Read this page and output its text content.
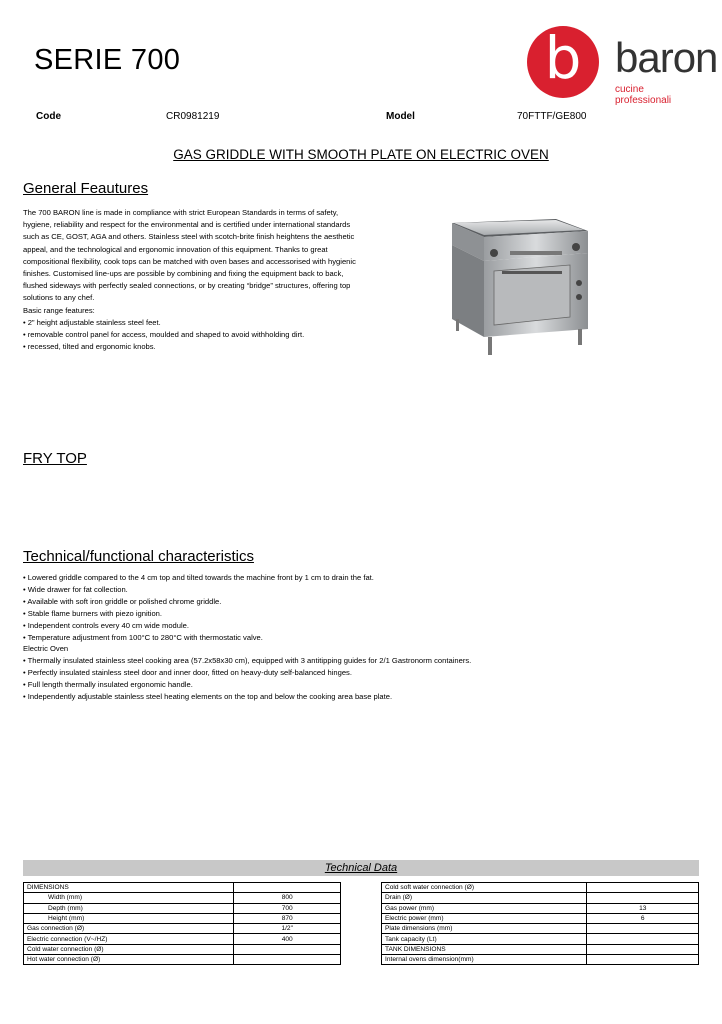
SERIE 700	b baron
cucine professionali
Code	CR0981219	Model	70FTTF/GE800
GAS GRIDDLE WITH SMOOTH PLATE ON ELECTRIC OVEN
General Feautures

The 700 BARON line is made in compliance with strict European Standards in terms of safety, hygiene, reliability and respect for the environmental and is certified under international standards such as CE, GOST, AGA and others. Stainless steel with scotch-brite finish heightens the aesthetic appeal, and the technological and ergonomic innovation of this equipment. Thanks to great compositional flexibility, cook tops can be matched with oven bases and accessorised with hygienic finishes. Customised line-ups are possible by combining and fixing the equipment back to back, flushed sideways with perfectly sealed connections, or by creating “bridge” structures, offering top solutions to any chef.

Basic range features:

• 2” height adjustable stainless steel feet.

• removable control panel for access, moulded and shaped to avoid withholding dirt.

• recessed, tilted and ergonomic knobs.

FRY TOP
Technical/functional characteristics

• Lowered griddle compared to the 4 cm top and tilted towards the machine front by 1 cm to drain the fat.

• Wide drawer for fat collection.

• Available with soft iron griddle or polished chrome griddle.

• Stable flame burners with piezo ignition.

• Independent controls every 40 cm wide module.

• Temperature adjustment from 100°C to 280°C with thermostatic valve.

Electric Oven

• Thermally insulated stainless steel cooking area (57.2x58x30 cm), equipped with 3 antitipping guides for 2/1 Gastronorm containers.

• Perfectly insulated stainless steel door and inner door, fitted on heavy-duty self-balanced hinges.

• Full length thermally insulated ergonomic handle.

• Independently adjustable stainless steel heating elements on the top and below the cooking area base plate.

Technical Data
DIMENSIONS	
Width (mm)	800
Depth (mm)	700
Height (mm)	870
Gas connection (Ø)	1/2"
Electric connection (V~/HZ)	400
Cold water connection (Ø)	
Hot water connection (Ø)	
Cold soft water connection (Ø)	
Drain (Ø)	
Gas power (mm)	13
Electric power (mm)	6
Plate dimensions (mm)	
Tank capacity (Lt)	
TANK DIMENSIONS	
Internal ovens dimension(mm)	
